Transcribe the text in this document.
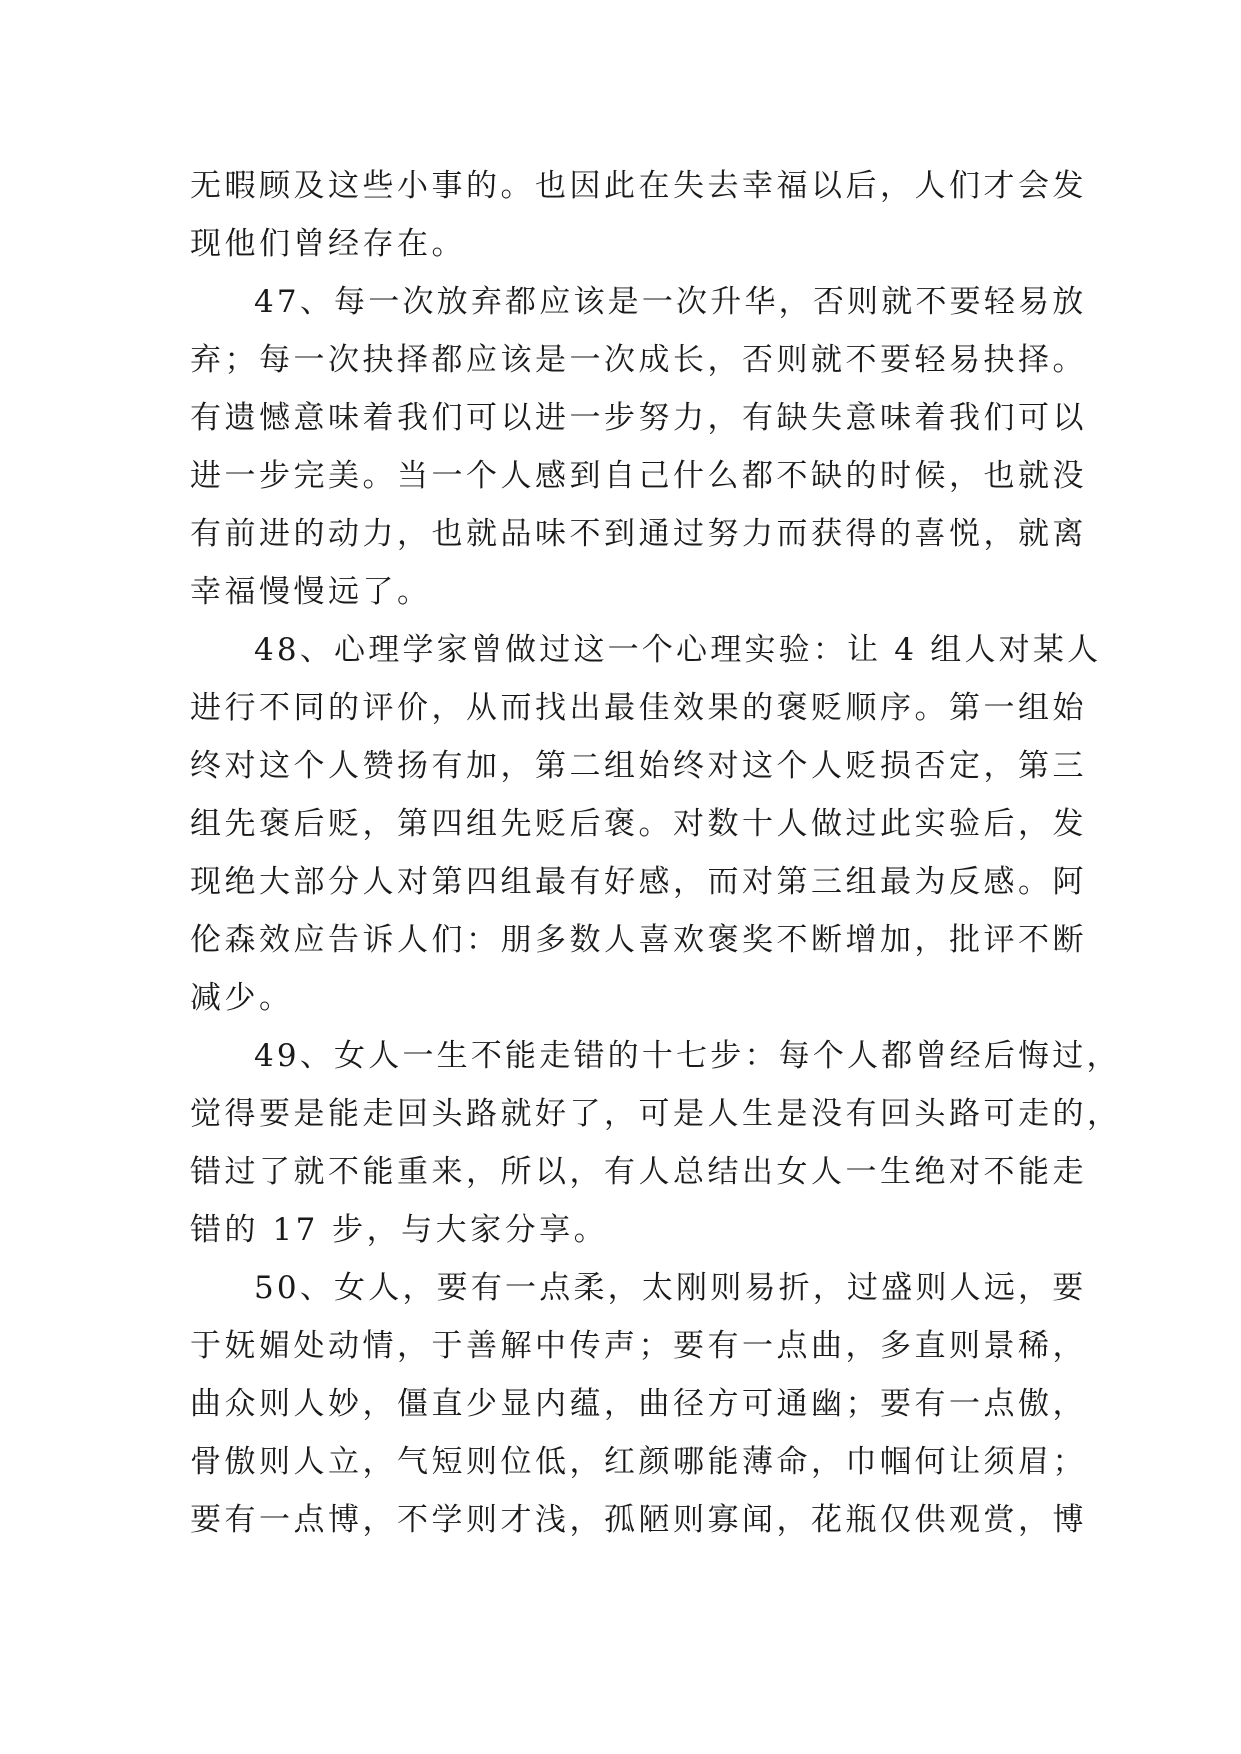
无暇顾及这些小事的。也因此在失去幸福以后，人们才会发
现他们曾经存在。
47、每一次放弃都应该是一次升华，否则就不要轻易放
弃；每一次抉择都应该是一次成长，否则就不要轻易抉择。
有遗憾意味着我们可以进一步努力，有缺失意味着我们可以
进一步完美。当一个人感到自己什么都不缺的时候，也就没
有前进的动力，也就品味不到通过努力而获得的喜悦，就离
幸福慢慢远了。
48、心理学家曾做过这一个心理实验：让 4 组人对某人
进行不同的评价，从而找出最佳效果的褒贬顺序。第一组始
终对这个人赞扬有加，第二组始终对这个人贬损否定，第三
组先褒后贬，第四组先贬后褒。对数十人做过此实验后，发
现绝大部分人对第四组最有好感，而对第三组最为反感。阿
伦森效应告诉人们：朋多数人喜欢褒奖不断增加，批评不断
减少。
49、女人一生不能走错的十七步：每个人都曾经后悔过，
觉得要是能走回头路就好了，可是人生是没有回头路可走的，
错过了就不能重来，所以，有人总结出女人一生绝对不能走
错的 17 步，与大家分享。
50、女人，要有一点柔，太刚则易折，过盛则人远，要
于妩媚处动情，于善解中传声；要有一点曲，多直则景稀，
曲众则人妙，僵直少显内蕴，曲径方可通幽；要有一点傲，
骨傲则人立，气短则位低，红颜哪能薄命，巾帼何让须眉；
要有一点博，不学则才浅，孤陋则寡闻，花瓶仅供观赏，博
